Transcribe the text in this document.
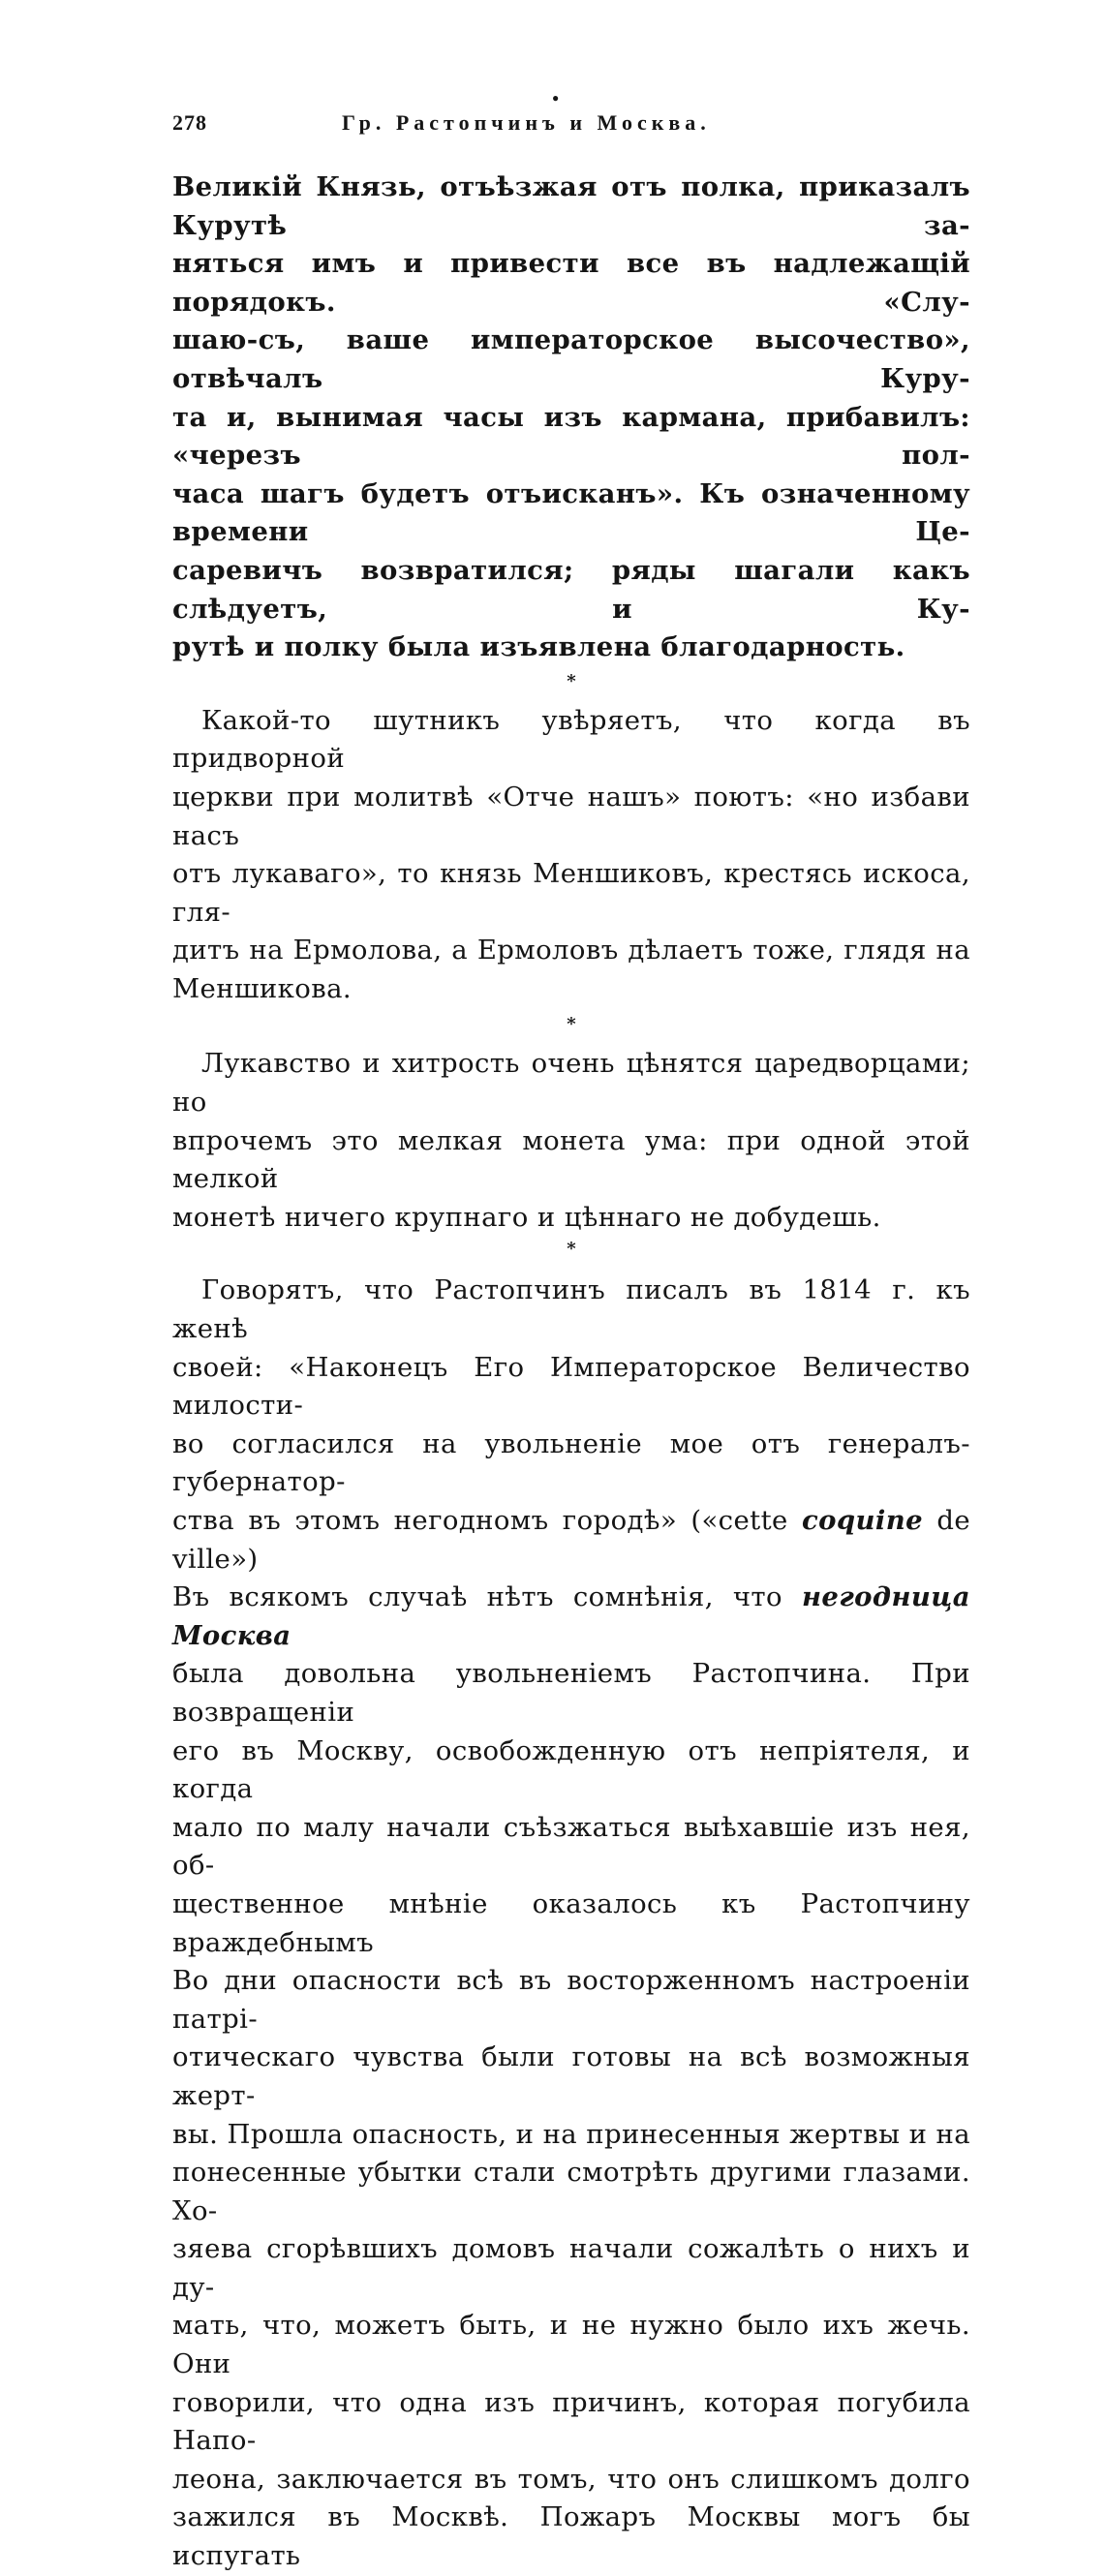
278
●
Гр. Растопчинъ и Москва.

Великій Князь, отъѣзжая отъ полка, приказалъ Курутѣ за-

няться имъ и привести все въ надлежащій порядокъ. «Слу-

шаю-съ, ваше императорское высочество», отвѣчалъ Куру-

та и, вынимая часы изъ кармана, прибавилъ: «черезъ пол-

часа шагъ будетъ отъисканъ». Къ означенному времени Це-

саревичъ возвратился; ряды шагали какъ слѣдуетъ, и Ку-

рутѣ и полку была изъявлена благодарность.

*

Какой-то шутникъ увѣряетъ, что когда въ придворной

церкви при молитвѣ «Отче нашъ» поютъ: «но избави насъ

отъ лукаваго», то князь Меншиковъ, крестясь искоса, гля-

дитъ на Ермолова, а Ермоловъ дѣлаетъ тоже, глядя на

Меншикова.

*

Лукавство и хитрость очень цѣнятся царедворцами; но

впрочемъ это мелкая монета ума: при одной этой мелкой

монетѣ ничего крупнаго и цѣннаго не добудешь.

*

Говорятъ, что Растопчинъ писалъ въ 1814 г. къ женѣ

своей: «Наконецъ Его Императорское Величество милости-

во согласился на увольненіе мое отъ генералъ-губернатор-

ства въ этомъ негодномъ городѣ» («cette coquine de ville»)

Въ всякомъ случаѣ нѣтъ сомнѣнія, что негодница Москва

была довольна увольненіемъ Растопчина. При возвращеніи

его въ Москву, освобожденную отъ непріятеля, и когда

мало по малу начали съѣзжаться выѣхавшіе изъ нея, об-

щественное мнѣніе оказалось къ Растопчину враждебнымъ

Во дни опасности всѣ въ восторженномъ настроеніи патрі-

отическаго чувства были готовы на всѣ возможныя жерт-

вы. Прошла опасность, и на принесенныя жертвы и на

понесенные убытки стали смотрѣть другими глазами. Хо-

зяева сгорѣвшихъ домовъ начали сожалѣть о нихъ и ду-

мать, что, можетъ быть, и не нужно было ихъ жечь. Они

говорили, что одна изъ причинъ, которая погубила Напо-

леона, заключается въ томъ, что онъ слишкомъ долго

зажился въ Москвѣ. Пожаръ Москвы могъ бы испугать
